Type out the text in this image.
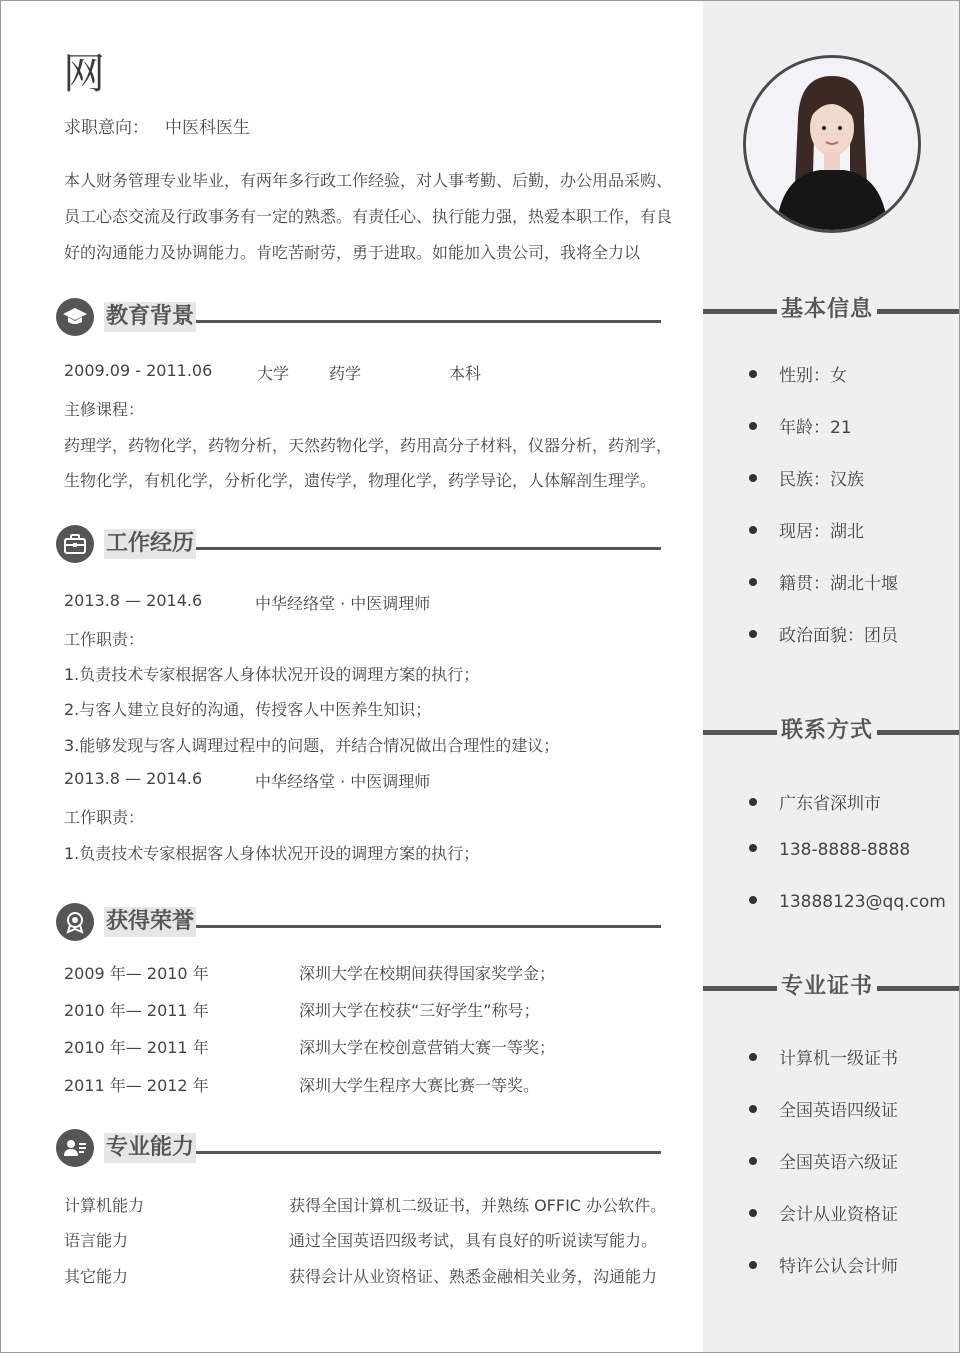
网
求职意向： 中医科医生
本人财务管理专业毕业，有两年多行政工作经验，对人事考勤、后勤，办公用品采购、员工心态交流及行政事务有一定的熟悉。有责任心、执行能力强，热爱本职工作，有良好的沟通能力及协调能力。肯吃苦耐劳，勇于进取。如能加入贵公司，我将全力以
教育背景
2009.09 - 2011.06	大学 药学	本科
主修课程：
药理学，药物化学，药物分析，天然药物化学，药用高分子材料，仪器分析，药剂学，
生物化学，有机化学，分析化学，遗传学，物理化学，药学导论，人体解剖生理学。
工作经历
2013.8 — 2014.6	中华经络堂 · 中医调理师
工作职责：
1.负责技术专家根据客人身体状况开设的调理方案的执行；
2.与客人建立良好的沟通，传授客人中医养生知识；
3.能够发现与客人调理过程中的问题，并结合情况做出合理性的建议；
2013.8 — 2014.6	中华经络堂 · 中医调理师
工作职责：
1.负责技术专家根据客人身体状况开设的调理方案的执行；
获得荣誉
2009 年— 2010 年	深圳大学在校期间获得国家奖学金；
2010 年— 2011 年	深圳大学在校获“三好学生”称号；
2010 年— 2011 年	深圳大学在校创意营销大赛一等奖；
2011 年— 2012 年	深圳大学生程序大赛比赛一等奖。
专业能力
计算机能力	获得全国计算机二级证书，并熟练 OFFIC 办公软件。
语言能力	通过全国英语四级考试，具有良好的听说读写能力。
其它能力	获得会计从业资格证、熟悉金融相关业务，沟通能力
基本信息
性别：女
年龄：21
民族：汉族
现居：湖北
籍贯：湖北十堰
政治面貌：团员
联系方式
广东省深圳市
138-8888-8888
13888123@qq.com
专业证书
计算机一级证书
全国英语四级证
全国英语六级证
会计从业资格证
特许公认会计师
